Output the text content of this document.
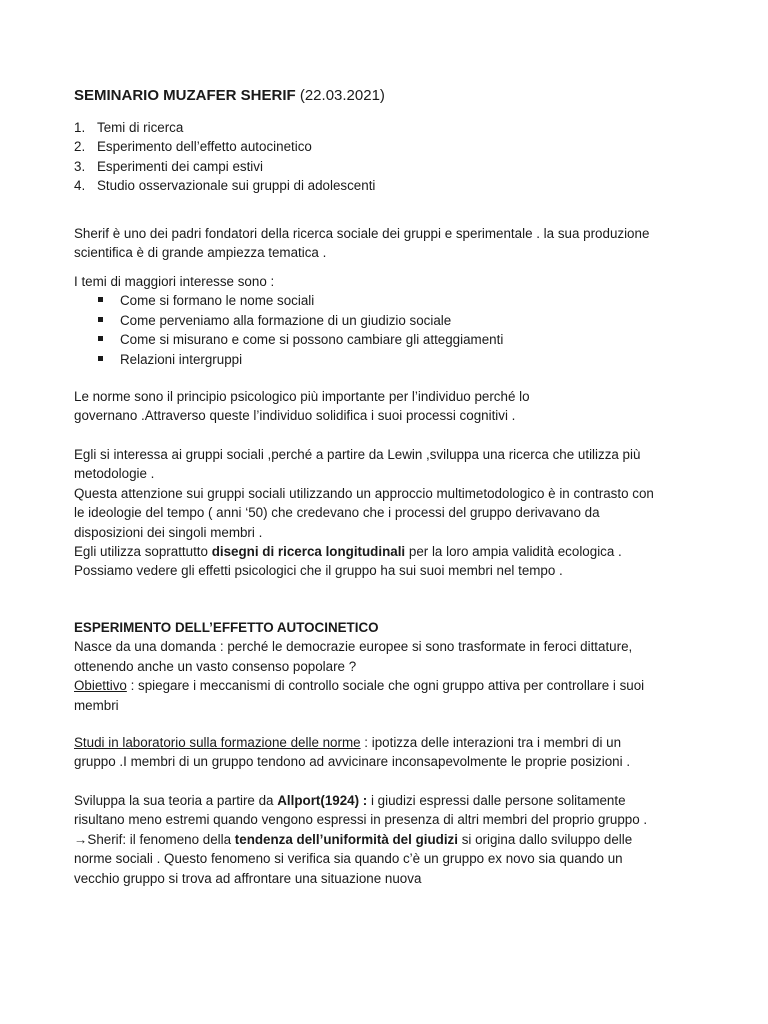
SEMINARIO MUZAFER SHERIF (22.03.2021)
1. Temi di ricerca
2. Esperimento dell’effetto autocinetico
3. Esperimenti dei campi estivi
4. Studio osservazionale sui gruppi di adolescenti
Sherif è uno dei padri fondatori della ricerca sociale dei gruppi e sperimentale . la sua produzione
scientifica è di grande ampiezza tematica .
I temi di maggiori interesse sono :
Come si formano le nome sociali
Come perveniamo alla formazione di un giudizio sociale
Come si misurano e come si possono cambiare gli atteggiamenti
Relazioni intergruppi
Le norme sono il principio psicologico più importante per l’individuo perché lo
governano .Attraverso queste l’individuo solidifica i suoi processi cognitivi .
Egli si interessa ai gruppi sociali ,perché a partire da Lewin ,sviluppa una ricerca che utilizza più
metodologie .
Questa attenzione sui gruppi sociali utilizzando un approccio multimetodologico è in contrasto con
le ideologie del tempo ( anni ‘50) che credevano che i processi del gruppo derivavano da
disposizioni dei singoli membri .
Egli utilizza soprattutto disegni di ricerca longitudinali per la loro ampia validità ecologica .
Possiamo vedere gli effetti psicologici che il gruppo ha sui suoi membri nel tempo .
ESPERIMENTO DELL’EFFETTO AUTOCINETICO
Nasce da una domanda : perché le democrazie europee si sono trasformate in feroci dittature,
ottenendo anche un vasto consenso popolare ?
Obiettivo : spiegare i meccanismi di controllo sociale che ogni gruppo attiva per controllare i suoi
membri
Studi in laboratorio sulla formazione delle norme : ipotizza delle interazioni tra i membri di un
gruppo .I membri di un gruppo tendono ad avvicinare inconsapevolmente le proprie posizioni .
Sviluppa la sua teoria a partire da Allport(1924) : i giudizi espressi dalle persone solitamente
risultano meno estremi quando vengono espressi in presenza di altri membri del proprio gruppo .
→Sherif: il fenomeno della tendenza dell’uniformità del giudizi si origina dallo sviluppo delle
norme sociali . Questo fenomeno si verifica sia quando c’è un gruppo ex novo sia quando un
vecchio gruppo si trova ad affrontare una situazione nuova
